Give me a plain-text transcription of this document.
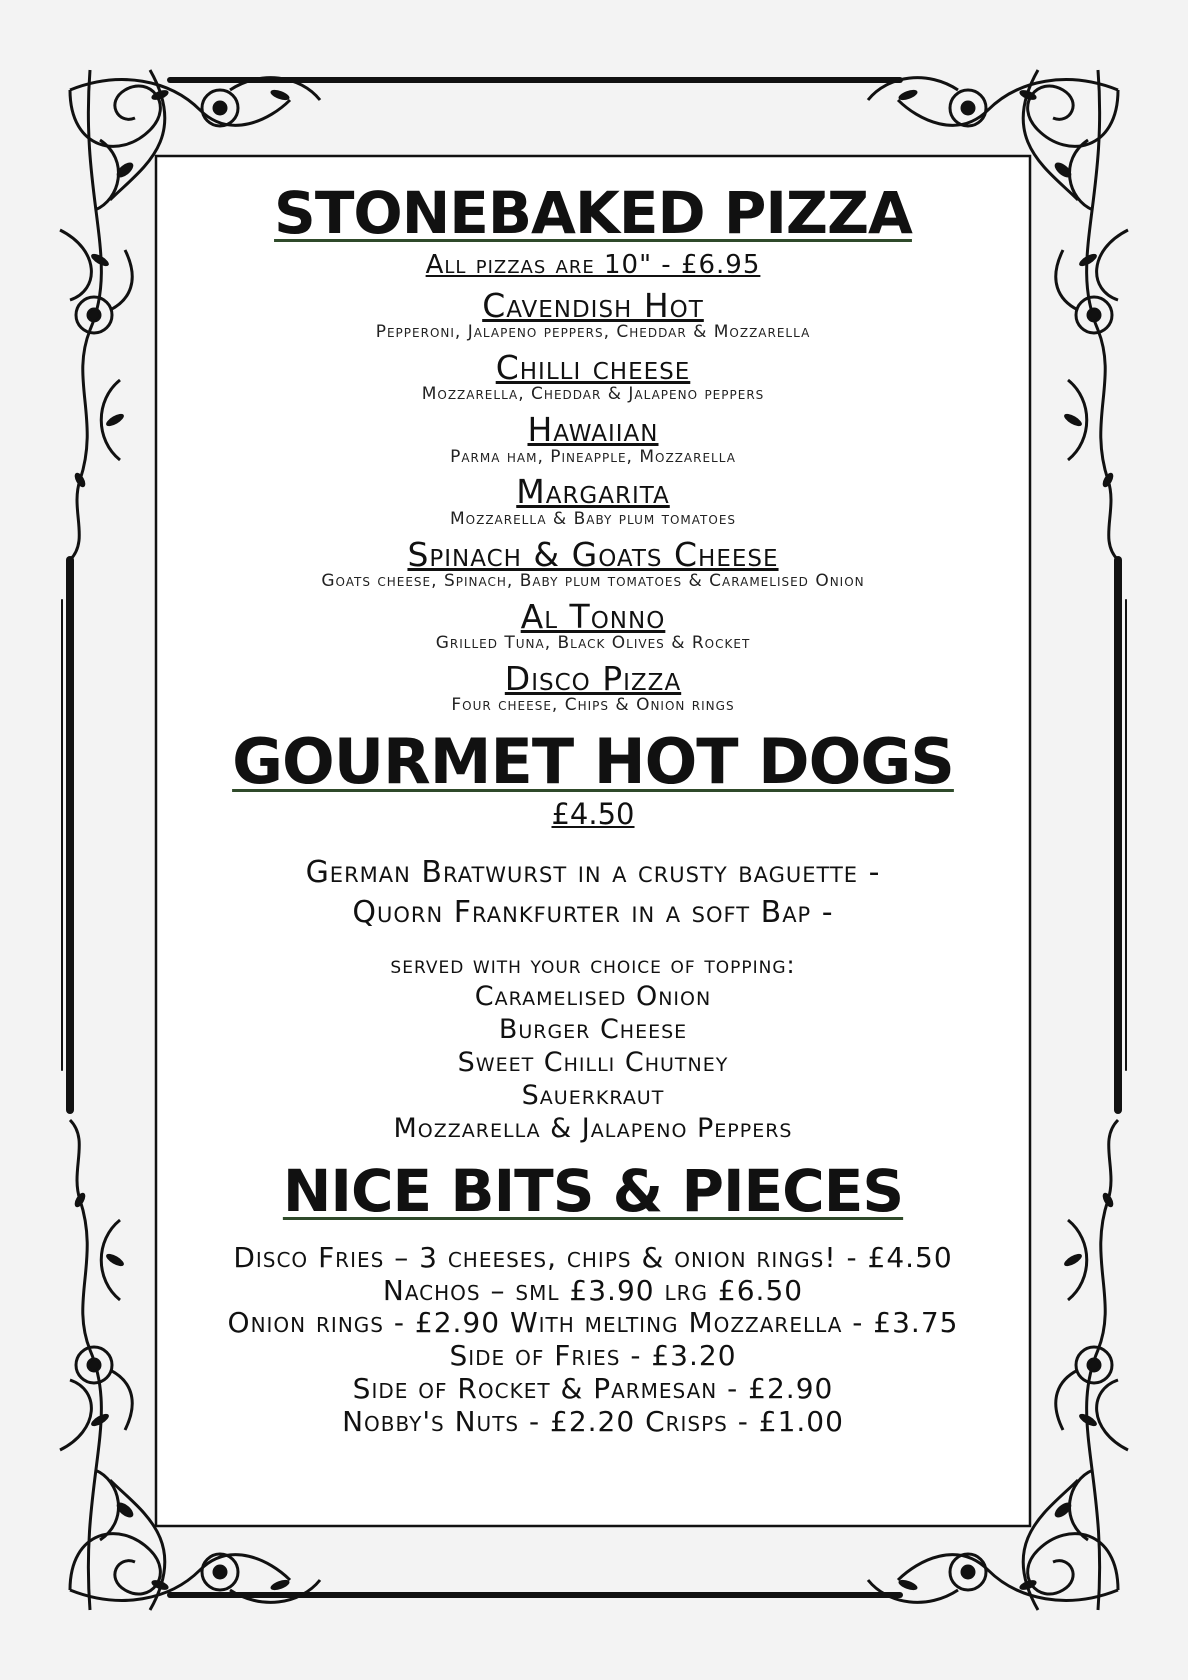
STONEBAKED PIZZA
All pizzas are 10" - £6.95
Cavendish Hot
Pepperoni, Jalapeno peppers, Cheddar & Mozzarella
Chilli cheese
Mozzarella, Cheddar & Jalapeno peppers
Hawaiian
Parma ham, Pineapple, Mozzarella
Margarita
Mozzarella & Baby plum tomatoes
Spinach & Goats Cheese
Goats cheese, Spinach, Baby plum tomatoes & Caramelised Onion
Al Tonno
Grilled Tuna, Black Olives & Rocket
Disco Pizza
Four cheese, Chips & Onion rings
GOURMET HOT DOGS
£4.50
German Bratwurst in a crusty baguette -
Quorn Frankfurter in a soft Bap -
served with your choice of topping:
Caramelised Onion
Burger Cheese
Sweet Chilli Chutney
Sauerkraut
Mozzarella & Jalapeno Peppers
NICE BITS & PIECES
Disco Fries – 3 cheeses, chips & onion rings! - £4.50
Nachos – sml £3.90 lrg £6.50
Onion rings - £2.90 With melting Mozzarella - £3.75
Side of Fries - £3.20
Side of Rocket & Parmesan - £2.90
Nobby's Nuts - £2.20 Crisps - £1.00
